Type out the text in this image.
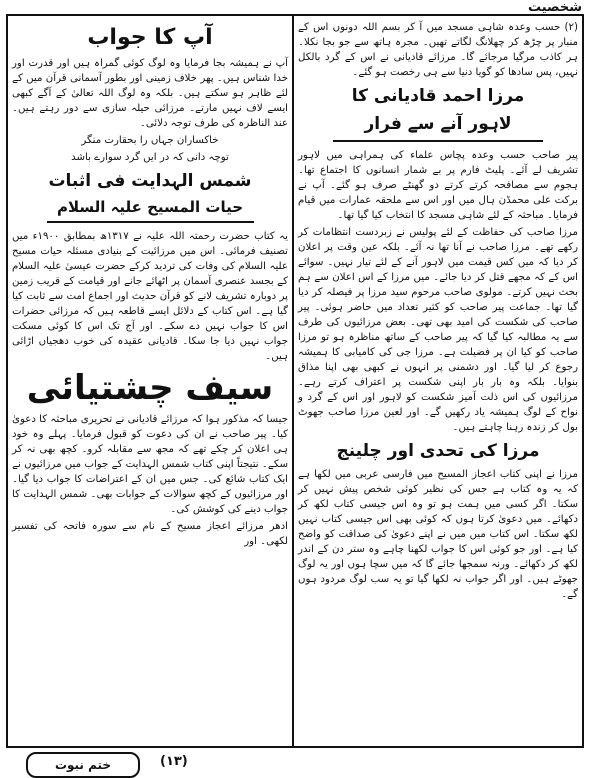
شخصیت

(۲) حسب وعدہ شاہی مسجد میں آ کر بسم اللہ دونوں اس کے منبار پر چڑھ کر چھلانگ لگاتے تھیں۔ مجرہ ہاتھ سے جو بجا نکلا۔ ہر کاذب مرگیا مرجائے گا۔ مرزائے قادیانی نے اس کے گرد بالکل نہیں، پس سادھا کو گویا دنیا سے ہی رخصت ہو گئے۔

مرزا احمد قادیانی کا
لاہور آنے سے فرار

پیر صاحب حسب وعدہ پچاس علماء کی ہمراہی میں لاہور تشریف لے آئے۔ پلیٹ فارم پر بے شمار انسانوں کا اجتماع تھا۔ ہجوم سے مصافحہ کرتے کرتے دو گھنٹے صرف ہو گئے۔ آپ نے برکت علی محمڈن ہال میں اور اس سے ملحقہ عمارات میں قیام فرمایا۔ مباحثہ کے لئے شاہی مسجد کا انتخاب کیا گیا تھا۔

مرزا صاحب کی حفاظت کے لئے پولیس نے زبردست انتظامات کر رکھے تھے۔ مرزا صاحب نے آنا تھا نہ آئے۔ بلکہ عین وقت پر اعلان کر دیا کہ میں کس قیمت میں لاہور آنے کے لئے تیار نہیں۔ سوائے اس کے کہ مجھے قتل کر دیا جائے۔ میں مرزا کے اس اعلان سے ہم بحث نہیں کرتے۔ مولوی صاحب مرحوم سید مرزا پر فیصلہ کر دیا گیا تھا۔ جماعت پیر صاحب کو کثیر تعداد میں حاضر ہوئی۔ پیر صاحب کی شکست کی امید بھی تھی۔ بعض مرزائیوں کی طرف سے یہ مطالبہ کیا گیا کہ پیر صاحب کے ساتھ مناظرہ ہو تو مرزا صاحب کو کیا ان پر فضیلت ہے۔ مرزا جی کی کامیابی کا ہمیشہ رجوع کر لیا گیا۔ اور دشمنی پر انہوں نے کبھی بھی اپنا مذاق بنوایا۔ بلکہ وہ بار بار اپنی شکست پر اعتراف کرتے رہے۔ مرزائیوں کی اس ذلت آمیز شکست کو لاہور اور اس کے گرد و نواح کے لوگ ہمیشہ یاد رکھیں گے۔ اور لعین مرزا صاحب جھوٹ بول کر زندہ رہنا چاہتے ہیں۔

مرزا کی تحدی اور چلینج

مرزا نے اپنی کتاب اعجاز المسیح میں فارسی عربی میں لکھا ہے کہ یہ وہ کتاب ہے جس کی نظیر کوئی شخص پیش نہیں کر سکتا۔ اگر کسی میں ہمت ہو تو وہ اس جیسی کتاب لکھ کر دکھائے۔ میں دعویٰ کرتا ہوں کہ کوئی بھی اس جیسی کتاب نہیں لکھ سکتا۔ اس کتاب میں میں نے اپنے دعویٰ کی صداقت کو واضح کیا ہے۔ اور جو کوئی اس کا جواب لکھنا چاہے وہ ستر دن کے اندر لکھ کر دکھائے۔ ورنہ سمجھا جائے گا کہ میں سچا ہوں اور یہ لوگ جھوٹے ہیں۔ اور اگر جواب نہ لکھا گیا تو یہ سب لوگ مردود ہوں گے۔

آپ کا جواب

آپ نے ہمیشہ بجا فرمایا وہ لوگ کوئی گمراہ ہیں اور قدرت اور خدا شناس ہیں۔ پھر خلاف زمینی اور بطور آسمانی قرآن میں کے لئے ظاہر ہو سکتے ہیں۔ بلکہ وہ لوگ اللہ تعالیٰ کے آگے کبھی ایسے لاف نہیں مارتے۔ مرزائی حیلہ سازی سے دور رہتے ہیں۔ عند الناظرہ کی طرف توجہ دلائی۔

خاکساران جہاں را بحقارت منگر
توچہ دانی کہ در ایں گرد سوارے باشد
شمس الہدایت فی اثبات
حیات المسیح علیہ السلام

یہ کتاب حضرت رحمتہ اللہ علیہ نے ۱۳۱۷ھ بمطابق ۱۹۰۰ء میں تصنیف فرمائی۔ اس میں مرزائیت کے بنیادی مسئلہ حیات مسیح علیہ السلام کی وفات کی تردید کرکے حضرت عیسیٰ علیہ السلام کے بجسد عنصری آسمان پر اٹھائے جانے اور قیامت کے قریب زمین پر دوبارہ تشریف لانے کو قرآن حدیث اور اجماع امت سے ثابت کیا گیا ہے۔ اس کتاب کے دلائل ایسے قاطعہ ہیں کہ مرزائی حضرات اس کا جواب نہیں دے سکے۔ اور آج تک اس کا کوئی مسکت جواب نہیں دیا جا سکا۔ قادیانی عقیدہ کی خوب دھجیاں اڑائی ہیں۔

سیف چشتیائی

جیسا کہ مذکور ہوا کہ مرزائے قادیانی نے تحریری مباحثہ کا دعویٰ کیا۔ پیر صاحب نے ان کی دعوت کو قبول فرمایا۔ پہلے وہ خود ہی اعلان کر چکے تھے کہ مجھ سے مقابلہ کرو۔ کچھ بھی نہ کر سکے۔ نتیجتاً اپنی کتاب شمس الہدایت کے جواب میں مرزائیوں نے ایک کتاب شائع کی۔ جس میں ان کے اعتراضات کا جواب دیا گیا۔ اور مرزائیوں کے کچھ سوالات کے جوابات بھی۔ شمس الہدایت کا جواب دینے کی کوشش کی۔

ادھر مرزائے اعجاز مسیح کے نام سے سورہ فاتحہ کی تفسیر لکھی۔ اور

ختم نبوت	(۱۳)
